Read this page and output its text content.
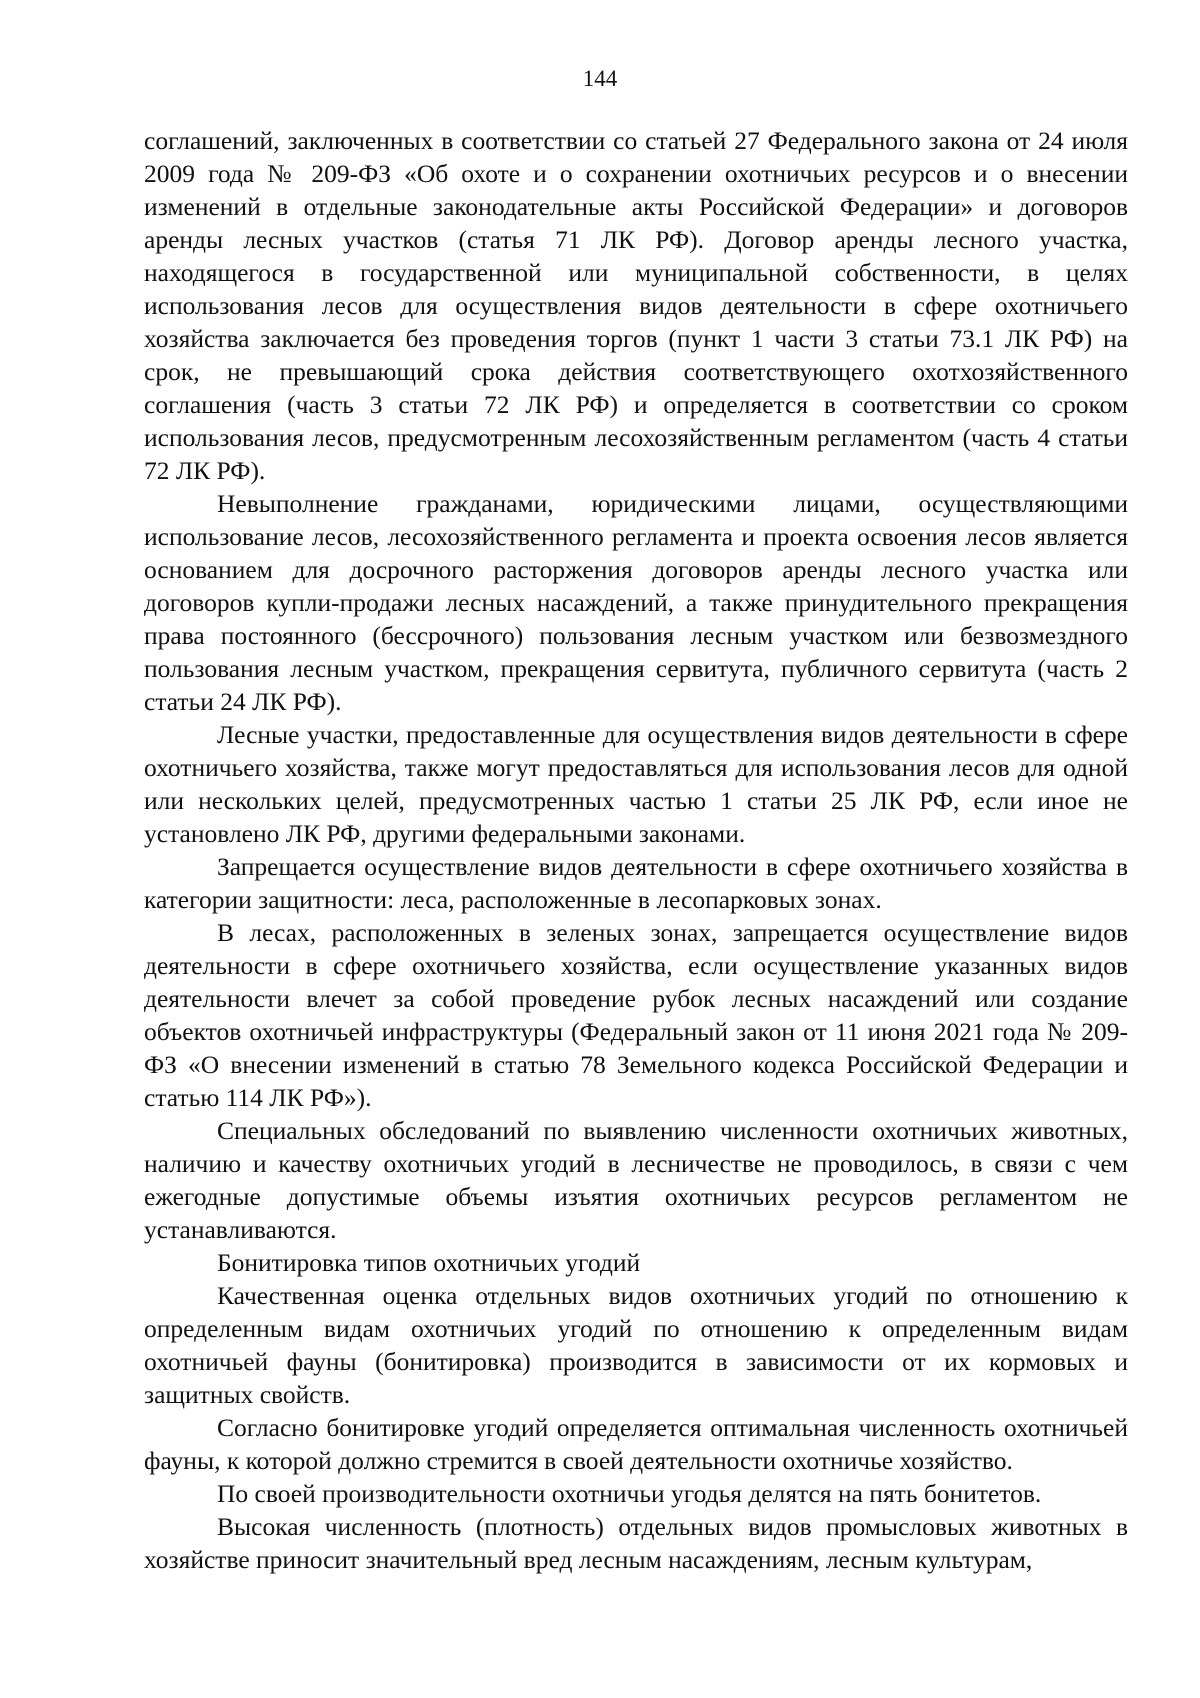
144

соглашений, заключенных в соответствии со статьей 27 Федерального закона от 24 июля 2009 года № 209-ФЗ «Об охоте и о сохранении охотничьих ресурсов и о внесении изменений в отдельные законодательные акты Российской Федерации» и договоров аренды лесных участков (статья 71 ЛК РФ). Договор аренды лесного участка, находящегося в государственной или муниципальной собственности, в целях использования лесов для осуществления видов деятельности в сфере охотничьего хозяйства заключается без проведения торгов (пункт 1 части 3 статьи 73.1 ЛК РФ) на срок, не превышающий срока действия соответствующего охотхозяйственного соглашения (часть 3 статьи 72 ЛК РФ) и определяется в соответствии со сроком использования лесов, предусмотренным лесохозяйственным регламентом (часть 4 статьи 72 ЛК РФ).

Невыполнение гражданами, юридическими лицами, осуществляющими использование лесов, лесохозяйственного регламента и проекта освоения лесов является основанием для досрочного расторжения договоров аренды лесного участка или договоров купли-продажи лесных насаждений, а также принудительного прекращения права постоянного (бессрочного) пользования лесным участком или безвозмездного пользования лесным участком, прекращения сервитута, публичного сервитута (часть 2 статьи 24 ЛК РФ).

Лесные участки, предоставленные для осуществления видов деятельности в сфере охотничьего хозяйства, также могут предоставляться для использования лесов для одной или нескольких целей, предусмотренных частью 1 статьи 25 ЛК РФ, если иное не установлено ЛК РФ, другими федеральными законами.

Запрещается осуществление видов деятельности в сфере охотничьего хозяйства в категории защитности: леса, расположенные в лесопарковых зонах.

В лесах, расположенных в зеленых зонах, запрещается осуществление видов деятельности в сфере охотничьего хозяйства, если осуществление указанных видов деятельности влечет за собой проведение рубок лесных насаждений или создание объектов охотничьей инфраструктуры (Федеральный закон от 11 июня 2021 года № 209-ФЗ «О внесении изменений в статью 78 Земельного кодекса Российской Федерации и статью 114 ЛК РФ»).

Специальных обследований по выявлению численности охотничьих животных, наличию и качеству охотничьих угодий в лесничестве не проводилось, в связи с чем ежегодные допустимые объемы изъятия охотничьих ресурсов регламентом не устанавливаются.

Бонитировка типов охотничьих угодий

Качественная оценка отдельных видов охотничьих угодий по отношению к определенным видам охотничьих угодий по отношению к определенным видам охотничьей фауны (бонитировка) производится в зависимости от их кормовых и защитных свойств.

Согласно бонитировке угодий определяется оптимальная численность охотничьей фауны, к которой должно стремится в своей деятельности охотничье хозяйство.

По своей производительности охотничьи угодья делятся на пять бонитетов.

Высокая численность (плотность) отдельных видов промысловых животных в хозяйстве приносит значительный вред лесным насаждениям, лесным культурам,
